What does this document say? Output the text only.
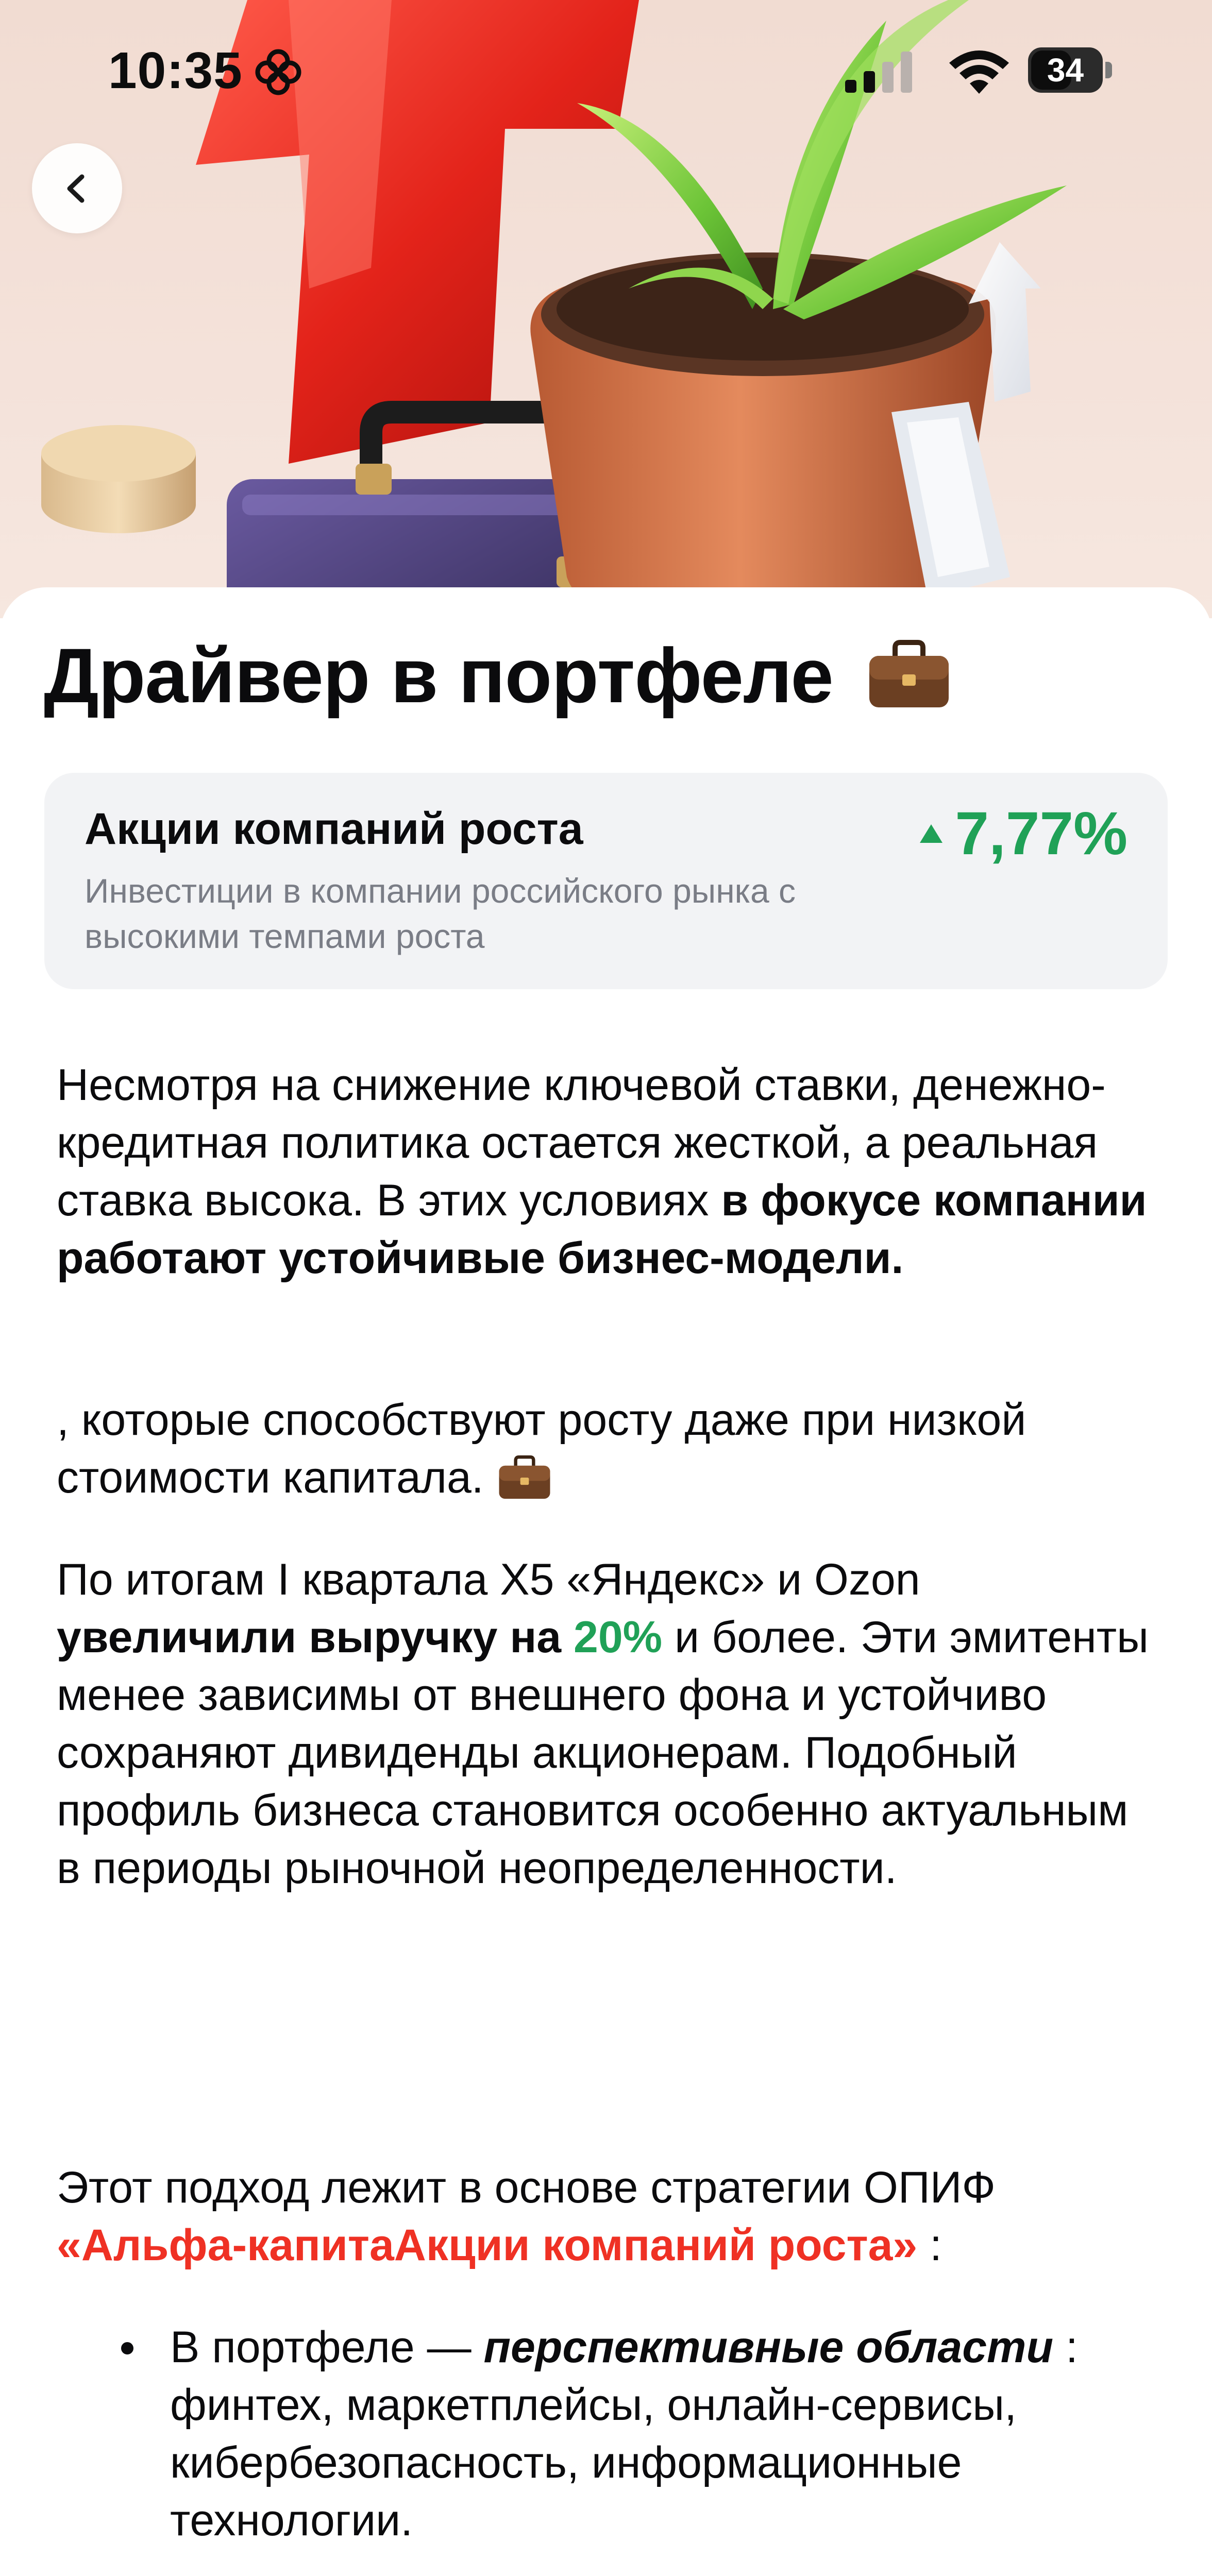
10:35	34
Драйвер в портфеле
Акции компаний роста
Инвестиции в компании российского рынка с высокими темпами роста
7,77%
Несмотря на снижение ключевой ставки, денежно-кредитная политика остается жесткой, а реальная ставка высока. В этих условиях в фокусе компании работают устойчивые бизнес-модели.
, которые способствуют росту даже при низкой стоимости капитала.
По итогам I квартала X5 «Яндекс» и Ozon увеличили выручку на 20% и более. Эти эмитенты менее зависимы от внешнего фона и устойчиво сохраняют дивиденды акционерам. Подобный профиль бизнеса становится особенно актуальным в периоды рыночной неопределенности.
Этот подход лежит в основе стратегии ОПИФ «Альфа-капитаАкции компаний роста» :
В портфеле — перспективные области : финтех, маркетплейсы, онлайн-сервисы, кибербезопасность, информационные технологии.
